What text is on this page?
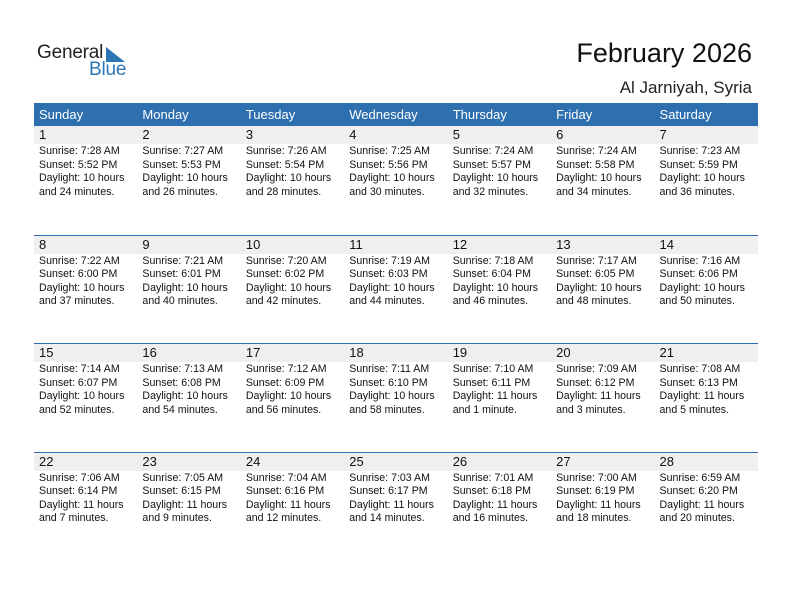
General
Blue
February 2026
Al Jarniyah, Syria
Sunday	Monday	Tuesday	Wednesday	Thursday	Friday	Saturday
1	2	3	4	5	6	7
Sunrise: 7:28 AM
Sunset: 5:52 PM
Daylight: 10 hours
and 24 minutes.
Sunrise: 7:27 AM
Sunset: 5:53 PM
Daylight: 10 hours
and 26 minutes.
Sunrise: 7:26 AM
Sunset: 5:54 PM
Daylight: 10 hours
and 28 minutes.
Sunrise: 7:25 AM
Sunset: 5:56 PM
Daylight: 10 hours
and 30 minutes.
Sunrise: 7:24 AM
Sunset: 5:57 PM
Daylight: 10 hours
and 32 minutes.
Sunrise: 7:24 AM
Sunset: 5:58 PM
Daylight: 10 hours
and 34 minutes.
Sunrise: 7:23 AM
Sunset: 5:59 PM
Daylight: 10 hours
and 36 minutes.
8	9	10	11	12	13	14
Sunrise: 7:22 AM
Sunset: 6:00 PM
Daylight: 10 hours
and 37 minutes.
Sunrise: 7:21 AM
Sunset: 6:01 PM
Daylight: 10 hours
and 40 minutes.
Sunrise: 7:20 AM
Sunset: 6:02 PM
Daylight: 10 hours
and 42 minutes.
Sunrise: 7:19 AM
Sunset: 6:03 PM
Daylight: 10 hours
and 44 minutes.
Sunrise: 7:18 AM
Sunset: 6:04 PM
Daylight: 10 hours
and 46 minutes.
Sunrise: 7:17 AM
Sunset: 6:05 PM
Daylight: 10 hours
and 48 minutes.
Sunrise: 7:16 AM
Sunset: 6:06 PM
Daylight: 10 hours
and 50 minutes.
15	16	17	18	19	20	21
Sunrise: 7:14 AM
Sunset: 6:07 PM
Daylight: 10 hours
and 52 minutes.
Sunrise: 7:13 AM
Sunset: 6:08 PM
Daylight: 10 hours
and 54 minutes.
Sunrise: 7:12 AM
Sunset: 6:09 PM
Daylight: 10 hours
and 56 minutes.
Sunrise: 7:11 AM
Sunset: 6:10 PM
Daylight: 10 hours
and 58 minutes.
Sunrise: 7:10 AM
Sunset: 6:11 PM
Daylight: 11 hours
and 1 minute.
Sunrise: 7:09 AM
Sunset: 6:12 PM
Daylight: 11 hours
and 3 minutes.
Sunrise: 7:08 AM
Sunset: 6:13 PM
Daylight: 11 hours
and 5 minutes.
22	23	24	25	26	27	28
Sunrise: 7:06 AM
Sunset: 6:14 PM
Daylight: 11 hours
and 7 minutes.
Sunrise: 7:05 AM
Sunset: 6:15 PM
Daylight: 11 hours
and 9 minutes.
Sunrise: 7:04 AM
Sunset: 6:16 PM
Daylight: 11 hours
and 12 minutes.
Sunrise: 7:03 AM
Sunset: 6:17 PM
Daylight: 11 hours
and 14 minutes.
Sunrise: 7:01 AM
Sunset: 6:18 PM
Daylight: 11 hours
and 16 minutes.
Sunrise: 7:00 AM
Sunset: 6:19 PM
Daylight: 11 hours
and 18 minutes.
Sunrise: 6:59 AM
Sunset: 6:20 PM
Daylight: 11 hours
and 20 minutes.
